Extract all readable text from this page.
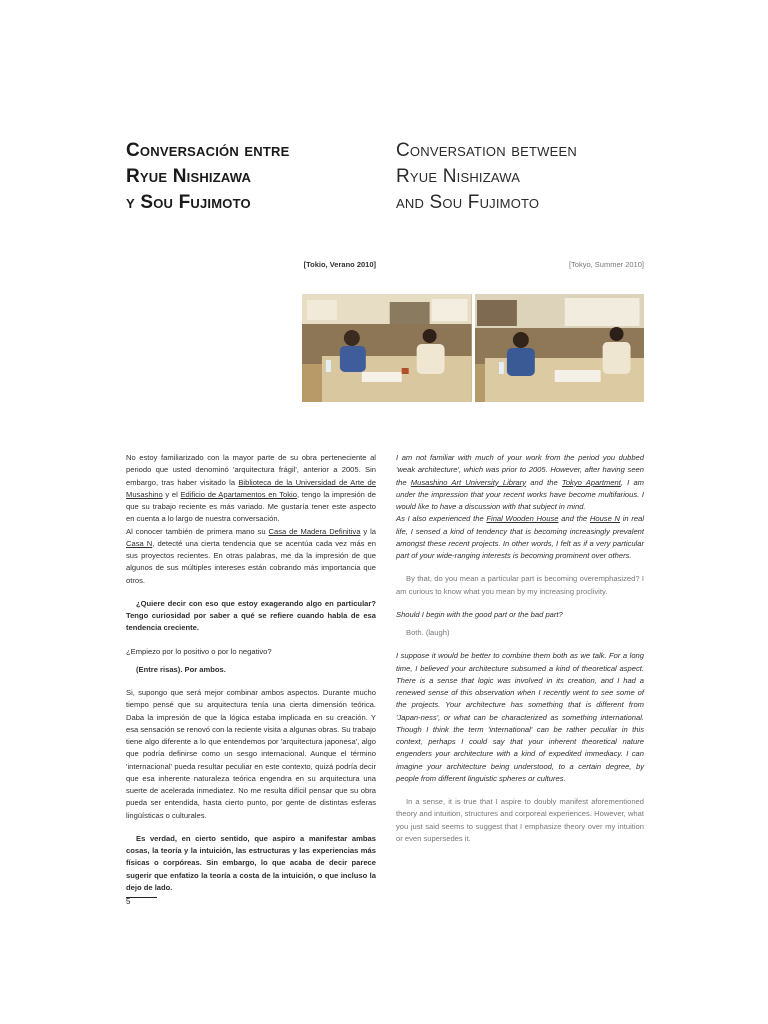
Conversación entre
Ryue Nishizawa
y Sou Fujimoto
Conversation between
Ryue Nishizawa
and Sou Fujimoto
[Tokio, Verano 2010]	[Tokyo, Summer 2010]

No estoy familiarizado con la mayor parte de su obra perteneciente al periodo que usted denominó 'arquitectura frágil', anterior a 2005. Sin embargo, tras haber visitado la Biblioteca de la Universidad de Arte de Musashino y el Edificio de Apartamentos en Tokio, tengo la impresión de que su trabajo reciente es más variado. Me gustaría tener este aspecto en cuenta a lo largo de nuestra conversación.

Al conocer también de primera mano su Casa de Madera Definitiva y la Casa N, detecté una cierta tendencia que se acentúa cada vez más en sus proyectos recientes. En otras palabras, me da la impresión de que algunos de sus múltiples intereses están cobrando más importancia que otros.

¿Quiere decir con eso que estoy exagerando algo en particular? Tengo curiosidad por saber a qué se refiere cuando habla de esa tendencia creciente.

¿Empiezo por lo positivo o por lo negativo?

(Entre risas). Por ambos.

Si, supongo que será mejor combinar ambos aspectos. Durante mucho tiempo pensé que su arquitectura tenía una cierta dimensión teórica. Daba la impresión de que la lógica estaba implicada en su creación. Y esa sensación se renovó con la reciente visita a algunas obras. Su trabajo tiene algo diferente a lo que entendemos por 'arquitectura japonesa', algo que podría definirse como un sesgo internacional. Aunque el término 'internacional' pueda resultar peculiar en este contexto, quizá podría decir que esa inherente naturaleza teórica engendra en su arquitectura una suerte de acelerada inmediatez. No me resulta difícil pensar que su obra pueda ser entendida, hasta cierto punto, por gente de distintas esferas lingüísticas o culturales.

Es verdad, en cierto sentido, que aspiro a manifestar ambas cosas, la teoría y la intuición, las estructuras y las experiencias más físicas o corpóreas. Sin embargo, lo que acaba de decir parece sugerir que enfatizo la teoría a costa de la intuición, o que incluso la dejo de lado.

I am not familiar with much of your work from the period you dubbed 'weak architecture', which was prior to 2005. However, after having seen the Musashino Art University Library and the Tokyo Apartment, I am under the impression that your recent works have become multifarious. I would like to have a discussion with that subject in mind.

As I also experienced the Final Wooden House and the House N in real life, I sensed a kind of tendency that is becoming increasingly prevalent amongst these recent projects. In other words, I felt as if a very particular part of your wide-ranging interests is becoming prominent over others.

By that, do you mean a particular part is becoming overemphasized? I am curious to know what you mean by my increasing proclivity.

Should I begin with the good part or the bad part?

Both. (laugh)

I suppose it would be better to combine them both as we talk. For a long time, I believed your architecture subsumed a kind of theoretical aspect. There is a sense that logic was involved in its creation, and I had a renewed sense of this observation when I recently went to see some of the projects. Your architecture has something that is different from 'Japan-ness', or what can be characterized as something international. Though I think the term 'international' can be rather peculiar in this context, perhaps I could say that your inherent theoretical nature engenders your architecture with a kind of expedited immediacy. I can imagine your architecture being understood, to a certain degree, by people from different linguistic spheres or cultures.

In a sense, it is true that I aspire to doubly manifest aforementioned theory and intuition, structures and corporeal experiences. However, what you just said seems to suggest that I emphasize theory over my intuition or even supersedes it.

5
